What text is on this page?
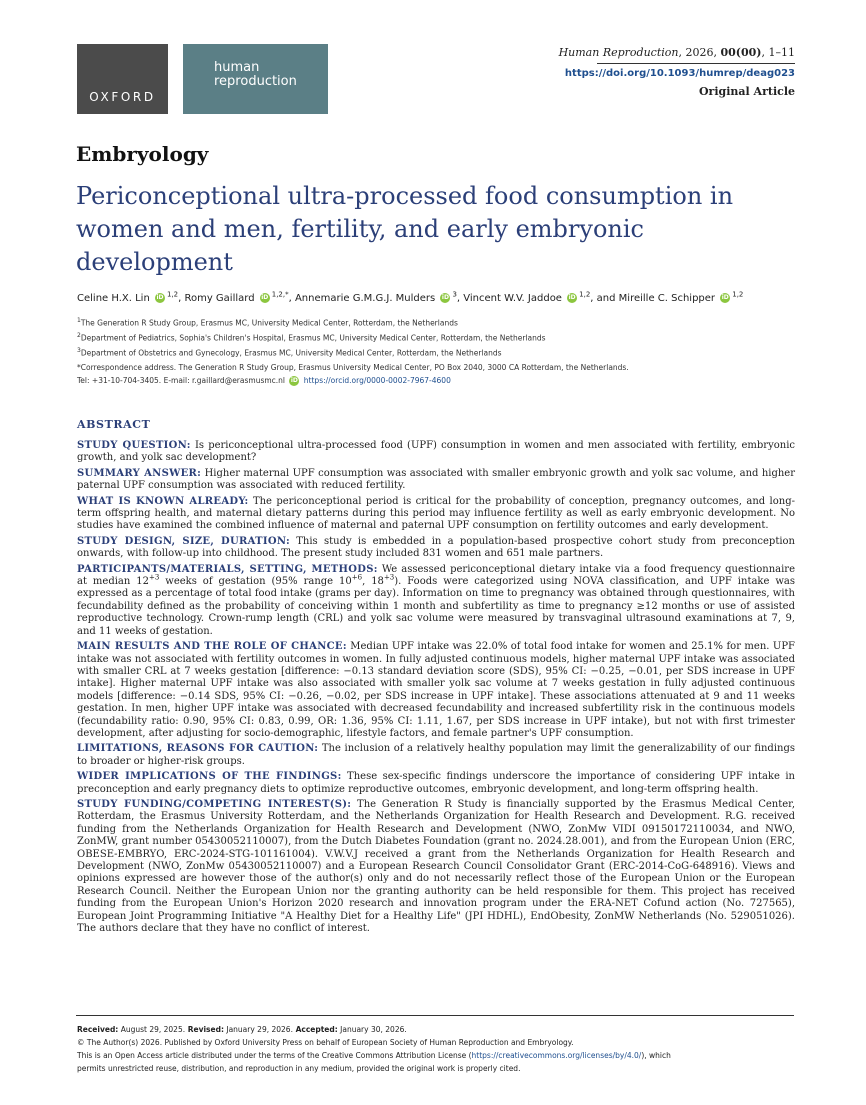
OXFORD
human
reproduction
Human Reproduction, 2026, 00(00), 1–11
https://doi.org/10.1093/humrep/deag023
Original Article
Embryology
Periconceptional ultra-processed food consumption in women and men, fertility, and early embryonic development
Celine H.X. Lin iD $^{1,2}$, Romy Gaillard iD $^{1,2,*}$, Annemarie G.M.G.J. Mulders iD $^3$, Vincent W.V. Jaddoe iD $^{1,2}$, and Mireille C. Schipper iD $^{1,2}$
$^1$The Generation R Study Group, Erasmus MC, University Medical Center, Rotterdam, the Netherlands
$^2$Department of Pediatrics, Sophia's Children's Hospital, Erasmus MC, University Medical Center, Rotterdam, the Netherlands
$^3$Department of Obstetrics and Gynecology, Erasmus MC, University Medical Center, Rotterdam, the Netherlands
*Correspondence address. The Generation R Study Group, Erasmus University Medical Center, PO Box 2040, 3000 CA Rotterdam, the Netherlands.
Tel: +31-10-704-3405. E-mail: r.gaillard@erasmusmc.nl iD https://orcid.org/0000-0002-7967-4600
ABSTRACT

STUDY QUESTION: Is periconceptional ultra-processed food (UPF) consumption in women and men associated with fertility, embryonic growth, and yolk sac development?

SUMMARY ANSWER: Higher maternal UPF consumption was associated with smaller embryonic growth and yolk sac volume, and higher paternal UPF consumption was associated with reduced fertility.

WHAT IS KNOWN ALREADY: The periconceptional period is critical for the probability of conception, pregnancy outcomes, and long-term offspring health, and maternal dietary patterns during this period may influence fertility as well as early embryonic development. No studies have examined the combined influence of maternal and paternal UPF consumption on fertility outcomes and early development.

STUDY DESIGN, SIZE, DURATION: This study is embedded in a population-based prospective cohort study from preconception onwards, with follow-up into childhood. The present study included 831 women and 651 male partners.

PARTICIPANTS/MATERIALS, SETTING, METHODS: We assessed periconceptional dietary intake via a food frequency questionnaire at median $12^{+3}$ weeks of gestation (95% range $10^{+6}$, $18^{+3}$). Foods were categorized using NOVA classification, and UPF intake was expressed as a percentage of total food intake (grams per day). Information on time to pregnancy was obtained through questionnaires, with fecundability defined as the probability of conceiving within 1 month and subfertility as time to pregnancy ≥12 months or use of assisted reproductive technology. Crown-rump length (CRL) and yolk sac volume were measured by transvaginal ultrasound examinations at 7, 9, and 11 weeks of gestation.

MAIN RESULTS AND THE ROLE OF CHANCE: Median UPF intake was 22.0% of total food intake for women and 25.1% for men. UPF intake was not associated with fertility outcomes in women. In fully adjusted continuous models, higher maternal UPF intake was associated with smaller CRL at 7 weeks gestation [difference: −0.13 standard deviation score (SDS), 95% CI: −0.25, −0.01, per SDS increase in UPF intake]. Higher maternal UPF intake was also associated with smaller yolk sac volume at 7 weeks gestation in fully adjusted continuous models [difference: −0.14 SDS, 95% CI: −0.26, −0.02, per SDS increase in UPF intake]. These associations attenuated at 9 and 11 weeks gestation. In men, higher UPF intake was associated with decreased fecundability and increased subfertility risk in the continuous models (fecundability ratio: 0.90, 95% CI: 0.83, 0.99, OR: 1.36, 95% CI: 1.11, 1.67, per SDS increase in UPF intake), but not with first trimester development, after adjusting for socio-demographic, lifestyle factors, and female partner's UPF consumption.

LIMITATIONS, REASONS FOR CAUTION: The inclusion of a relatively healthy population may limit the generalizability of our findings to broader or higher-risk groups.

WIDER IMPLICATIONS OF THE FINDINGS: These sex-specific findings underscore the importance of considering UPF intake in preconception and early pregnancy diets to optimize reproductive outcomes, embryonic development, and long-term offspring health.

STUDY FUNDING/COMPETING INTEREST(S): The Generation R Study is financially supported by the Erasmus Medical Center, Rotterdam, the Erasmus University Rotterdam, and the Netherlands Organization for Health Research and Development. R.G. received funding from the Netherlands Organization for Health Research and Development (NWO, ZonMw VIDI 09150172110034, and NWO, ZonMW, grant number 05430052110007), from the Dutch Diabetes Foundation (grant no. 2024.28.001), and from the European Union (ERC, OBESE-EMBRYO, ERC-2024-STG-101161004). V.W.V.J received a grant from the Netherlands Organization for Health Research and Development (NWO, ZonMw 05430052110007) and a European Research Council Consolidator Grant (ERC-2014-CoG-648916). Views and opinions expressed are however those of the author(s) only and do not necessarily reflect those of the European Union or the European Research Council. Neither the European Union nor the granting authority can be held responsible for them. This project has received funding from the European Union's Horizon 2020 research and innovation program under the ERA-NET Cofund action (No. 727565), European Joint Programming Initiative "A Healthy Diet for a Healthy Life" (JPI HDHL), EndObesity, ZonMW Netherlands (No. 529051026). The authors declare that they have no conflict of interest.

Received: August 29, 2025. Revised: January 29, 2026. Accepted: January 30, 2026.
© The Author(s) 2026. Published by Oxford University Press on behalf of European Society of Human Reproduction and Embryology.
This is an Open Access article distributed under the terms of the Creative Commons Attribution License (https://creativecommons.org/licenses/by/4.0/), which
permits unrestricted reuse, distribution, and reproduction in any medium, provided the original work is properly cited.
